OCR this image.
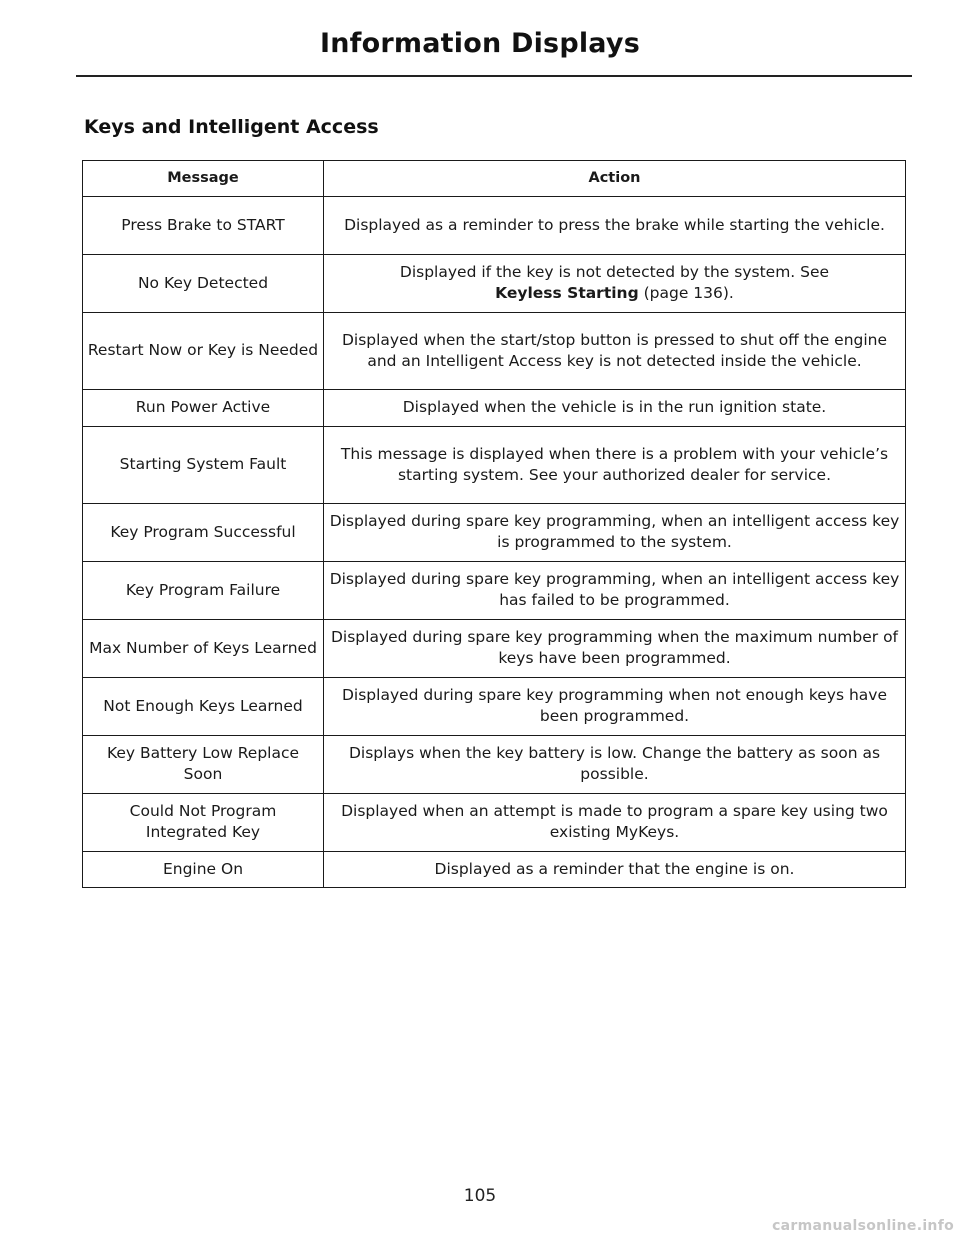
Information Displays
Keys and Intelligent Access
Message	Action
Press Brake to START	Displayed as a reminder to press the brake while starting the vehicle.
No Key Detected	Displayed if the key is not detected by the system. See
Keyless Starting (page 136).
Restart Now or Key is Needed	Displayed when the start/stop button is pressed to shut off the engine and an Intelligent Access key is not detected inside the vehicle.
Run Power Active	Displayed when the vehicle is in the run ignition state.
Starting System Fault	This message is displayed when there is a problem with your vehicle’s starting system. See your authorized dealer for service.
Key Program Successful	Displayed during spare key programming, when an intelligent access key is programmed to the system.
Key Program Failure	Displayed during spare key programming, when an intelligent access key has failed to be programmed.
Max Number of Keys Learned	Displayed during spare key programming when the maximum number of keys have been programmed.
Not Enough Keys Learned	Displayed during spare key programming when not enough keys have been programmed.
Key Battery Low Replace Soon	Displays when the key battery is low. Change the battery as soon as possible.
Could Not Program Integrated Key	Displayed when an attempt is made to program a spare key using two existing MyKeys.
Engine On	Displayed as a reminder that the engine is on.
105
carmanualsonline.info
